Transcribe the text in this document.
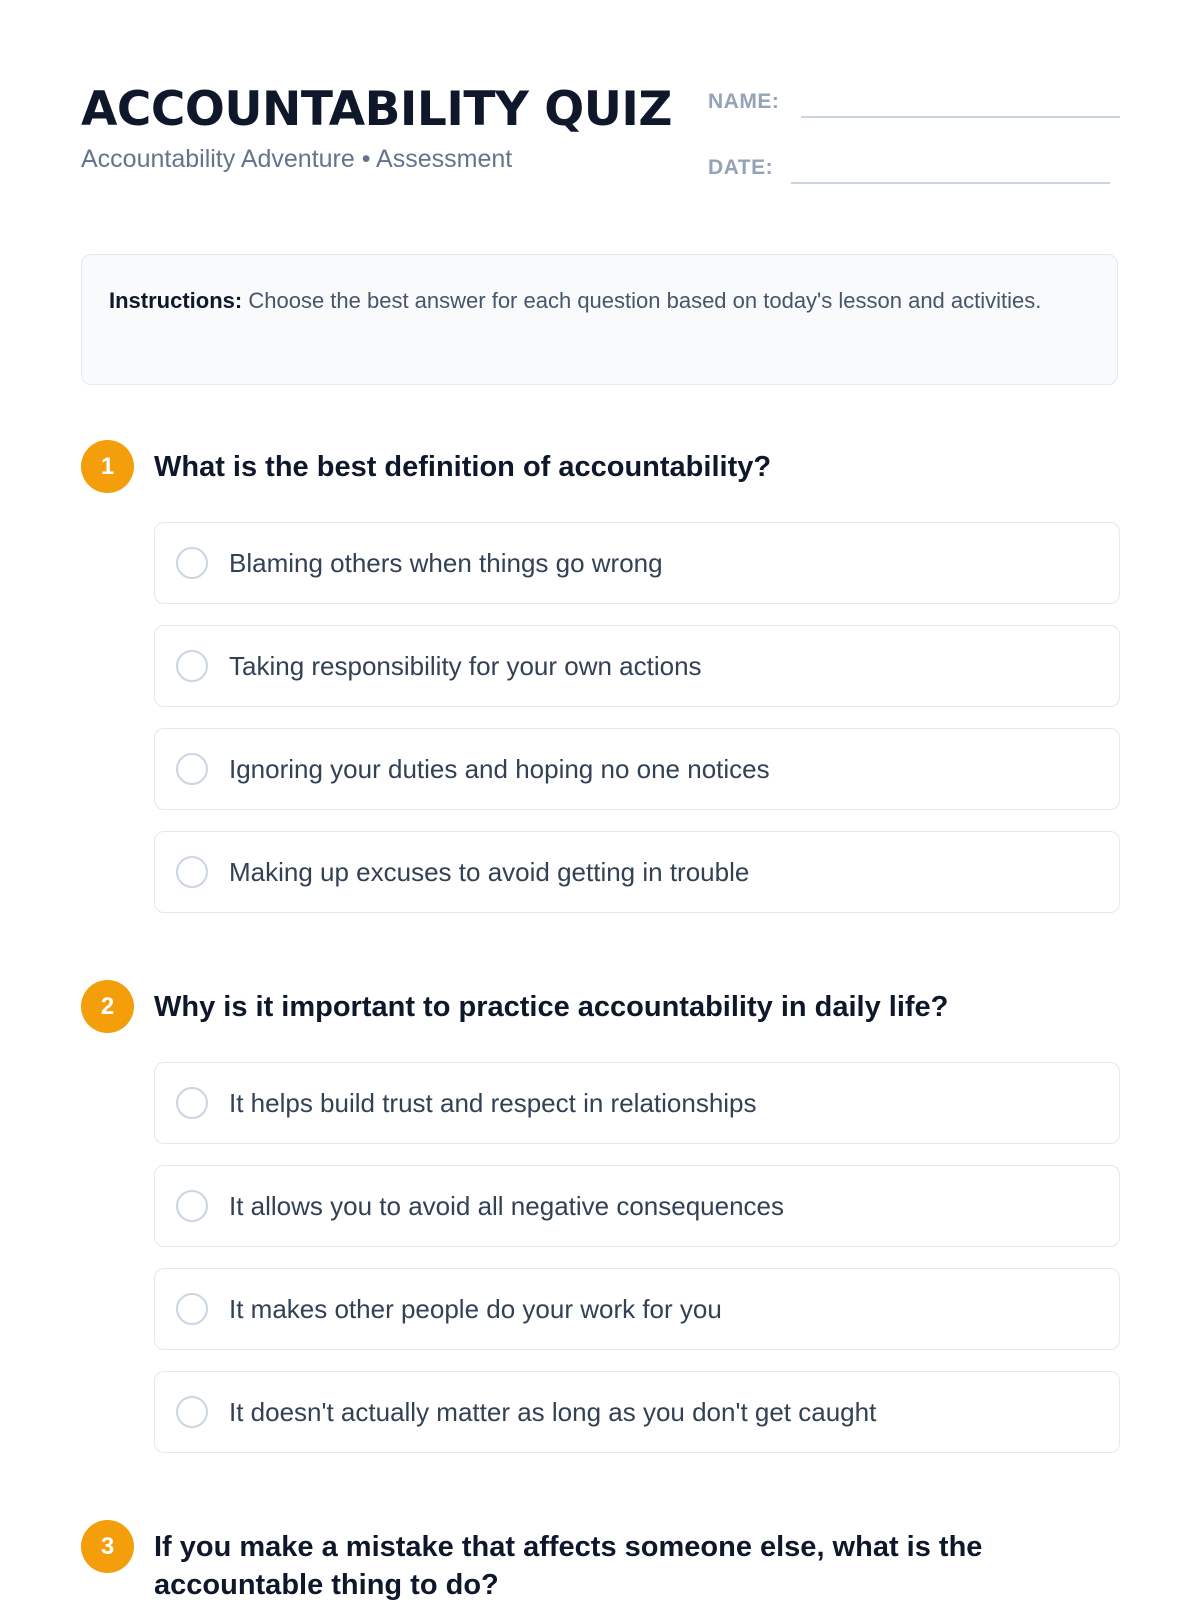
ACCOUNTABILITY QUIZ
Accountability Adventure • Assessment
NAME:
DATE:
Instructions: Choose the best answer for each question based on today's lesson and activities.
1	What is the best definition of accountability?
Blaming others when things go wrong
Taking responsibility for your own actions
Ignoring your duties and hoping no one notices
Making up excuses to avoid getting in trouble
2	Why is it important to practice accountability in daily life?
It helps build trust and respect in relationships
It allows you to avoid all negative consequences
It makes other people do your work for you
It doesn't actually matter as long as you don't get caught
3	If you make a mistake that affects someone else, what is the accountable thing to do?
